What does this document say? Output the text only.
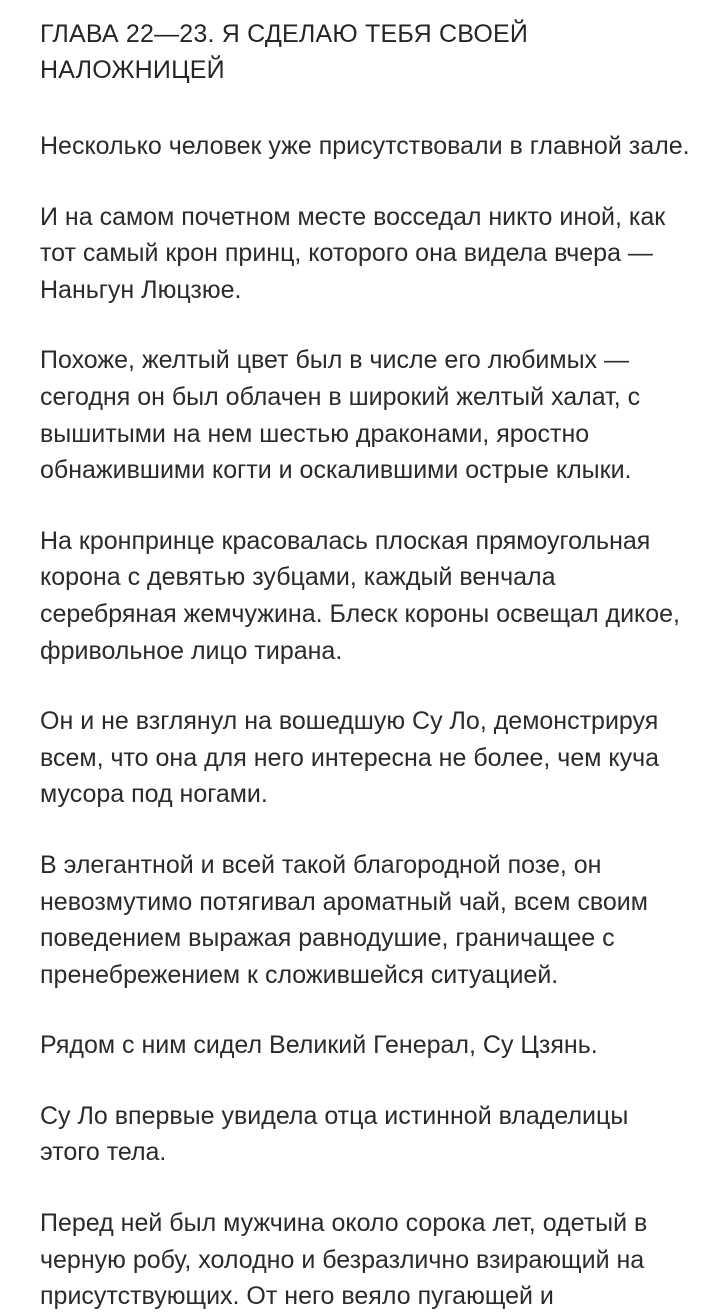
ГЛАВА 22—23. Я СДЕЛАЮ ТЕБЯ СВОЕЙ НАЛОЖНИЦЕЙ

Несколько человек уже присутствовали в главной зале.

И на самом почетном месте восседал никто иной, как тот самый крон принц, которого она видела вчера — Наньгун Люцзюе.

Похоже, желтый цвет был в числе его любимых — сегодня он был облачен в широкий желтый халат, с вышитыми на нем шестью драконами, яростно обнажившими когти и оскалившими острые клыки.

На кронпринце красовалась плоская прямоугольная корона с девятью зубцами, каждый венчала серебряная жемчужина. Блеск короны освещал дикое, фривольное лицо тирана.

Он и не взглянул на вошедшую Су Ло, демонстрируя всем, что она для него интересна не более, чем куча мусора под ногами.

В элегантной и всей такой благородной позе, он невозмутимо потягивал ароматный чай, всем своим поведением выражая равнодушие, граничащее с пренебрежением к сложившейся ситуацией.

Рядом с ним сидел Великий Генерал, Су Цзянь.

Су Ло впервые увидела отца истинной владелицы этого тела.

Перед ней был мужчина около сорока лет, одетый в черную робу, холодно и безразлично взирающий на присутствующих. От него веяло пугающей и
